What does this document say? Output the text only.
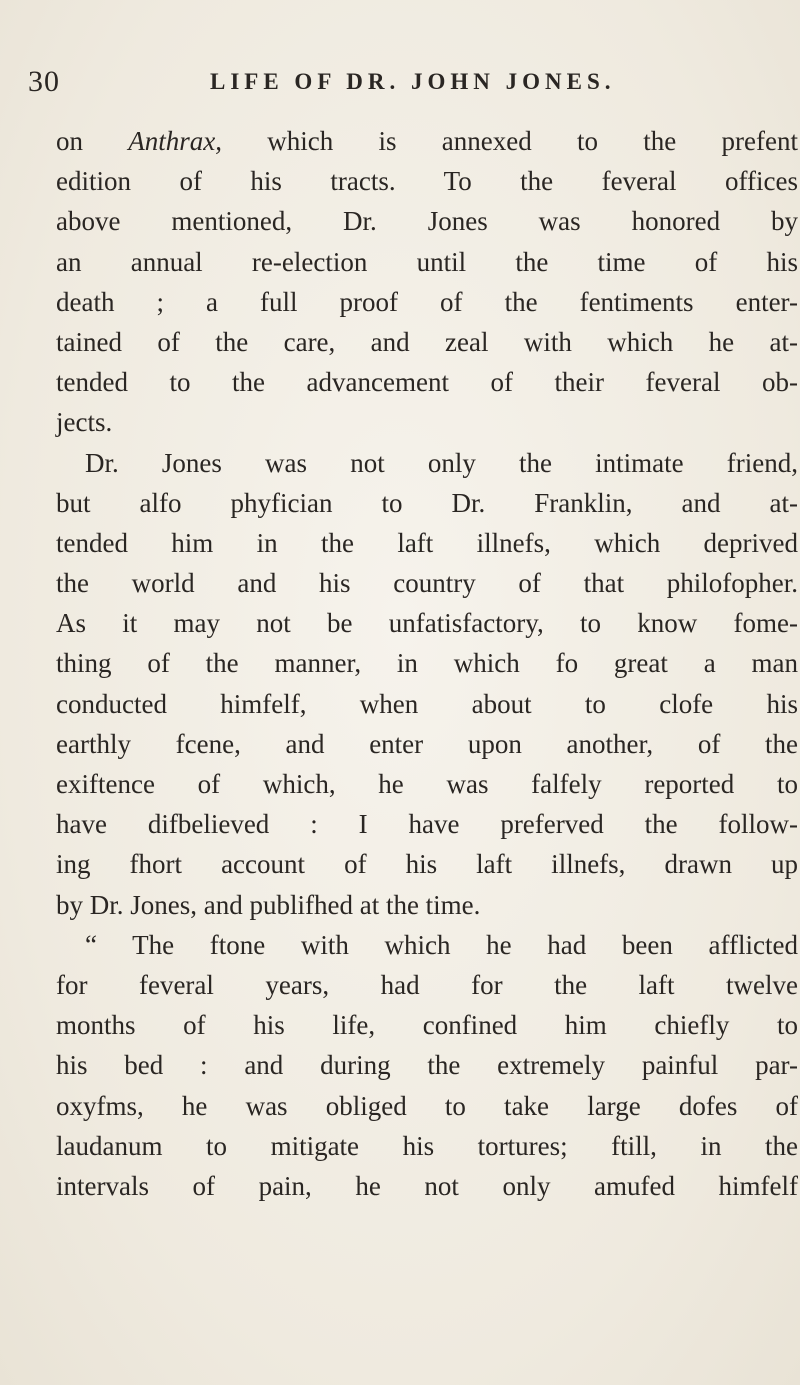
30	LIFE OF DR. JOHN JONES.
on Anthrax, which is annexed to the prefent
edition of his tracts. To the feveral offices
above mentioned, Dr. Jones was honored by
an annual re-election until the time of his
death ; a full proof of the fentiments enter-
tained of the care, and zeal with which he at-
tended to the advancement of their feveral ob-
jects.
Dr. Jones was not only the intimate friend,
but alfo phyfician to Dr. Franklin, and at-
tended him in the laft illnefs, which deprived
the world and his country of that philofopher.
As it may not be unfatisfactory, to know fome-
thing of the manner, in which fo great a man
conducted himfelf, when about to clofe his
earthly fcene, and enter upon another, of the
exiftence of which, he was falfely reported to
have difbelieved : I have preferved the follow-
ing fhort account of his laft illnefs, drawn up
by Dr. Jones, and publifhed at the time.
“ The ftone with which he had been afflicted
for feveral years, had for the laft twelve
months of his life, confined him chiefly to
his bed : and during the extremely painful par-
oxyfms, he was obliged to take large dofes of
laudanum to mitigate his tortures; ftill, in the
intervals of pain, he not only amufed himfelf
